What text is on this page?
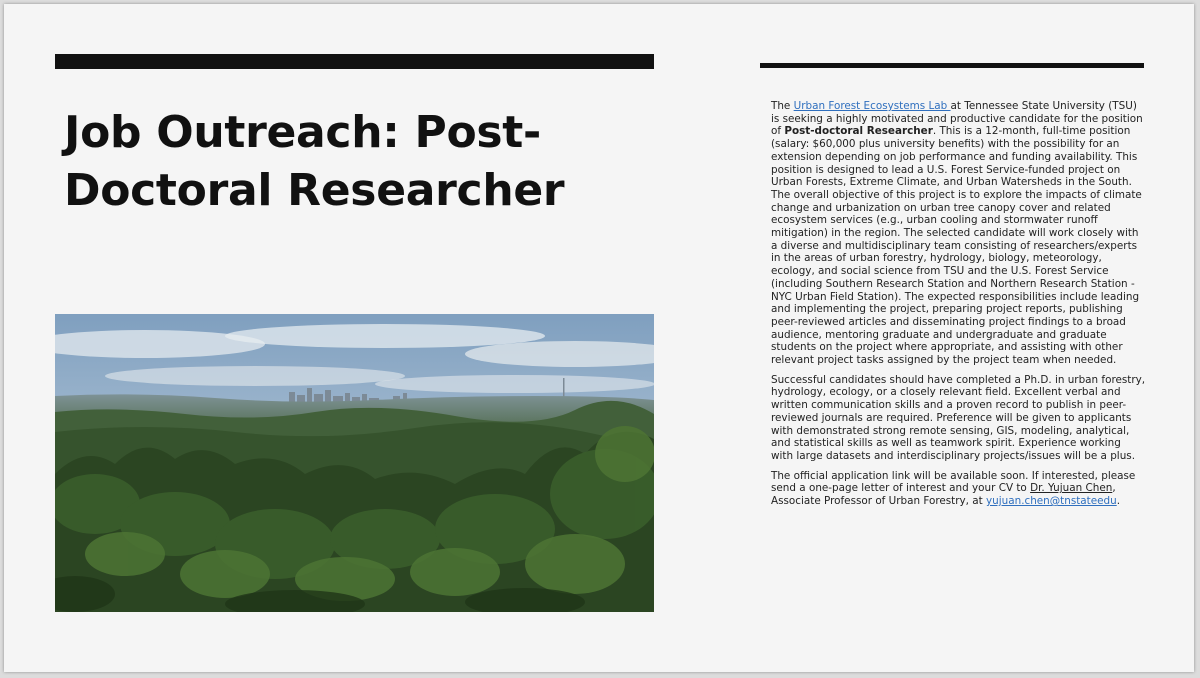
Job Outreach: Post-Doctoral Researcher

The Urban Forest Ecosystems Lab at Tennessee State University (TSU) is seeking a highly motivated and productive candidate for the position of Post-doctoral Researcher. This is a 12-month, full-time position (salary: $60,000 plus university benefits) with the possibility for an extension depending on job performance and funding availability. This position is designed to lead a U.S. Forest Service-funded project on Urban Forests, Extreme Climate, and Urban Watersheds in the South. The overall objective of this project is to explore the impacts of climate change and urbanization on urban tree canopy cover and related ecosystem services (e.g., urban cooling and stormwater runoff mitigation) in the region. The selected candidate will work closely with a diverse and multidisciplinary team consisting of researchers/experts in the areas of urban forestry, hydrology, biology, meteorology, ecology, and social science from TSU and the U.S. Forest Service (including Southern Research Station and Northern Research Station - NYC Urban Field Station). The expected responsibilities include leading and implementing the project, preparing project reports, publishing peer-reviewed articles and disseminating project findings to a broad audience, mentoring graduate and undergraduate and graduate students on the project where appropriate, and assisting with other relevant project tasks assigned by the project team when needed.

Successful candidates should have completed a Ph.D. in urban forestry, hydrology, ecology, or a closely relevant field. Excellent verbal and written communication skills and a proven record to publish in peer-reviewed journals are required. Preference will be given to applicants with demonstrated strong remote sensing, GIS, modeling, analytical, and statistical skills as well as teamwork spirit. Experience working with large datasets and interdisciplinary projects/issues will be a plus.

The official application link will be available soon. If interested, please send a one-page letter of interest and your CV to Dr. Yujuan Chen, Associate Professor of Urban Forestry, at yujuan.chen@tnstateedu.
